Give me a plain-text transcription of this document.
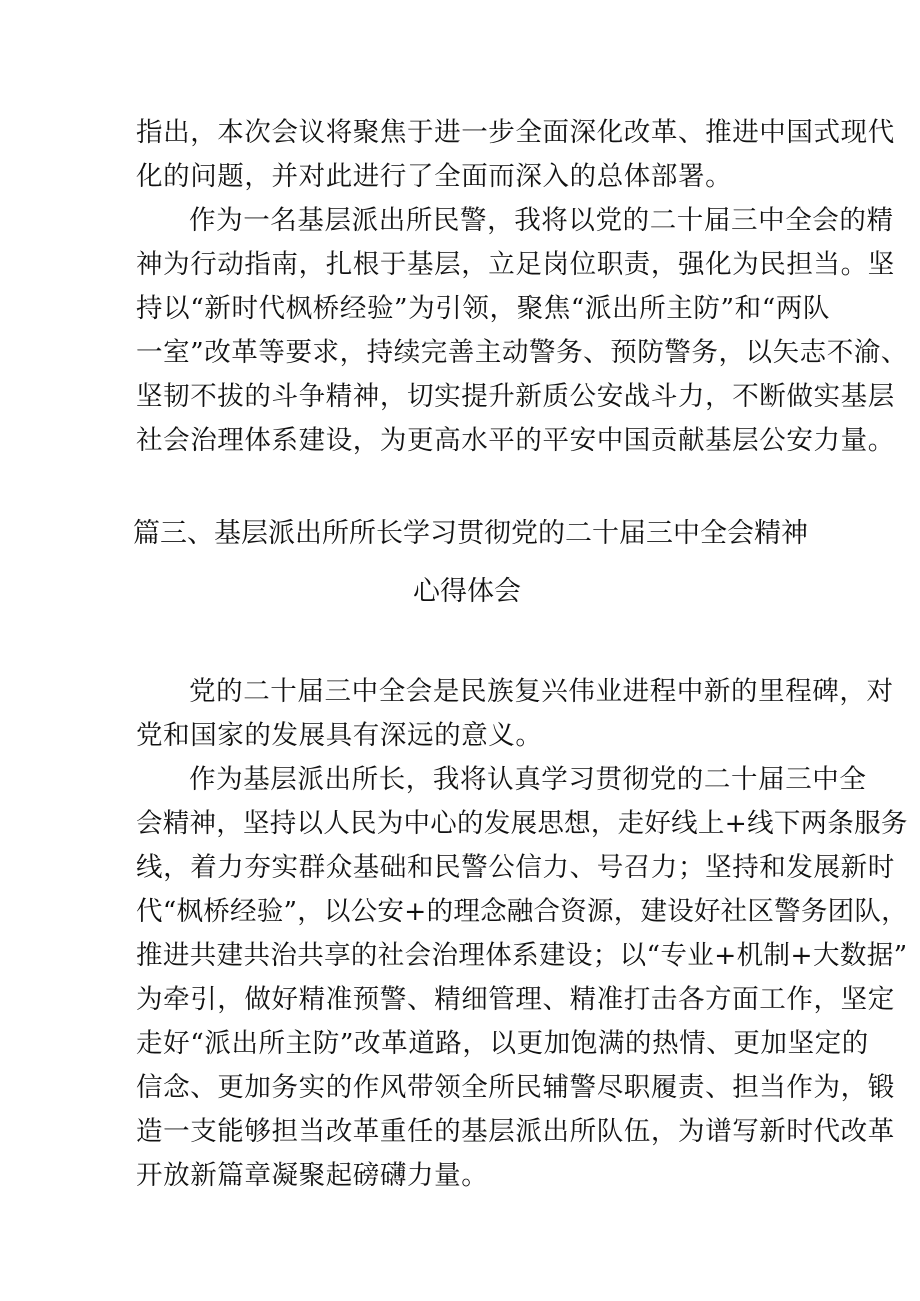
指出，本次会议将聚焦于进一步全面深化改革、推进中国式现代
化的问题，并对此进行了全面而深入的总体部署。
作为一名基层派出所民警，我将以党的二十届三中全会的精
神为行动指南，扎根于基层，立足岗位职责，强化为民担当。坚
持以“新时代枫桥经验”为引领，聚焦“派出所主防”和“两队
一室”改革等要求，持续完善主动警务、预防警务，以矢志不渝、
坚韧不拔的斗争精神，切实提升新质公安战斗力，不断做实基层
社会治理体系建设，为更高水平的平安中国贡献基层公安力量。
篇三、基层派出所所长学习贯彻党的二十届三中全会精神
心得体会
党的二十届三中全会是民族复兴伟业进程中新的里程碑，对
党和国家的发展具有深远的意义。
作为基层派出所长，我将认真学习贯彻党的二十届三中全
会精神，坚持以人民为中心的发展思想，走好线上+线下两条服务
线，着力夯实群众基础和民警公信力、号召力；坚持和发展新时
代“枫桥经验”，以公安+的理念融合资源，建设好社区警务团队，
推进共建共治共享的社会治理体系建设；以“专业+机制+大数据”
为牵引，做好精准预警、精细管理、精准打击各方面工作，坚定
走好“派出所主防”改革道路，以更加饱满的热情、更加坚定的
信念、更加务实的作风带领全所民辅警尽职履责、担当作为，锻
造一支能够担当改革重任的基层派出所队伍，为谱写新时代改革
开放新篇章凝聚起磅礴力量。
